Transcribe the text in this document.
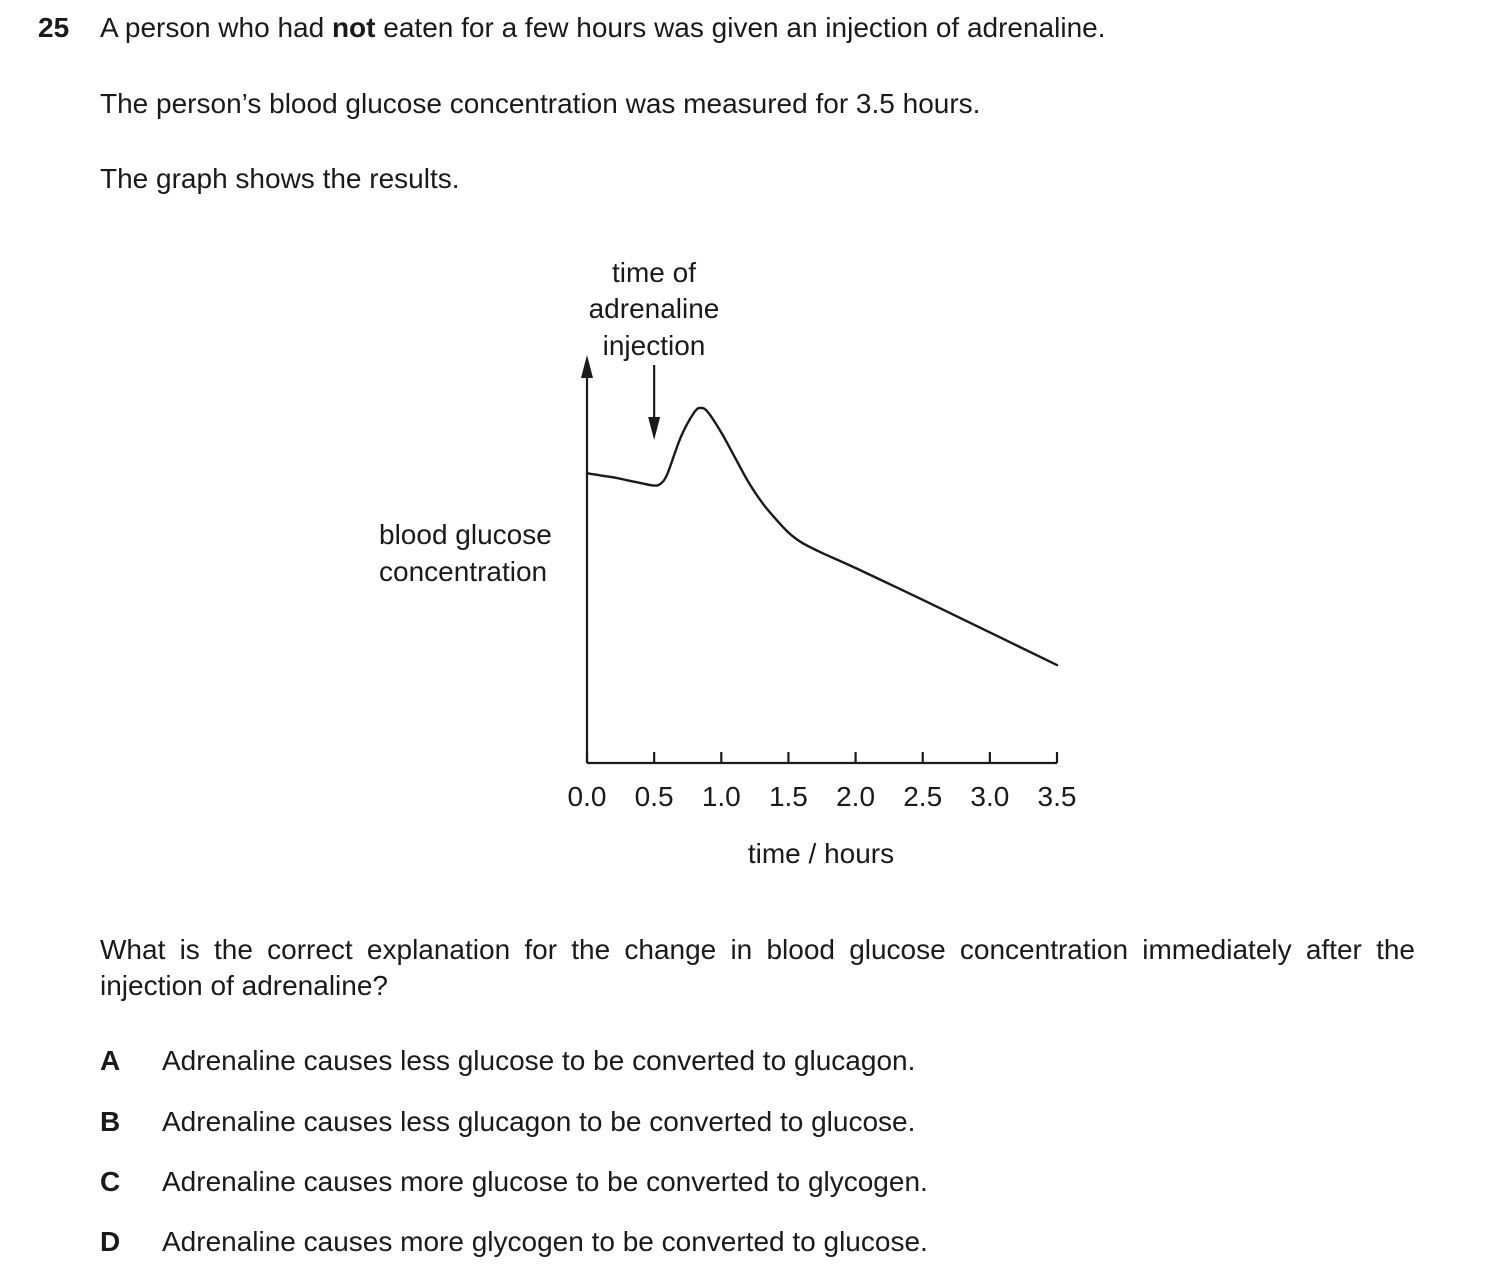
25 A person who had not eaten for a few hours was given an injection of adrenaline.
The person’s blood glucose concentration was measured for 3.5 hours.
The graph shows the results.
0.0 0.5 1.0 1.5 2.0 2.5 3.0 3.5
time / hours
blood glucose
concentration
time of
adrenaline
injection
What is the correct explanation for the change in blood glucose concentration immediately after the injection of adrenaline?
A Adrenaline causes less glucose to be converted to glucagon.
B Adrenaline causes less glucagon to be converted to glucose.
C Adrenaline causes more glucose to be converted to glycogen.
D Adrenaline causes more glycogen to be converted to glucose.
